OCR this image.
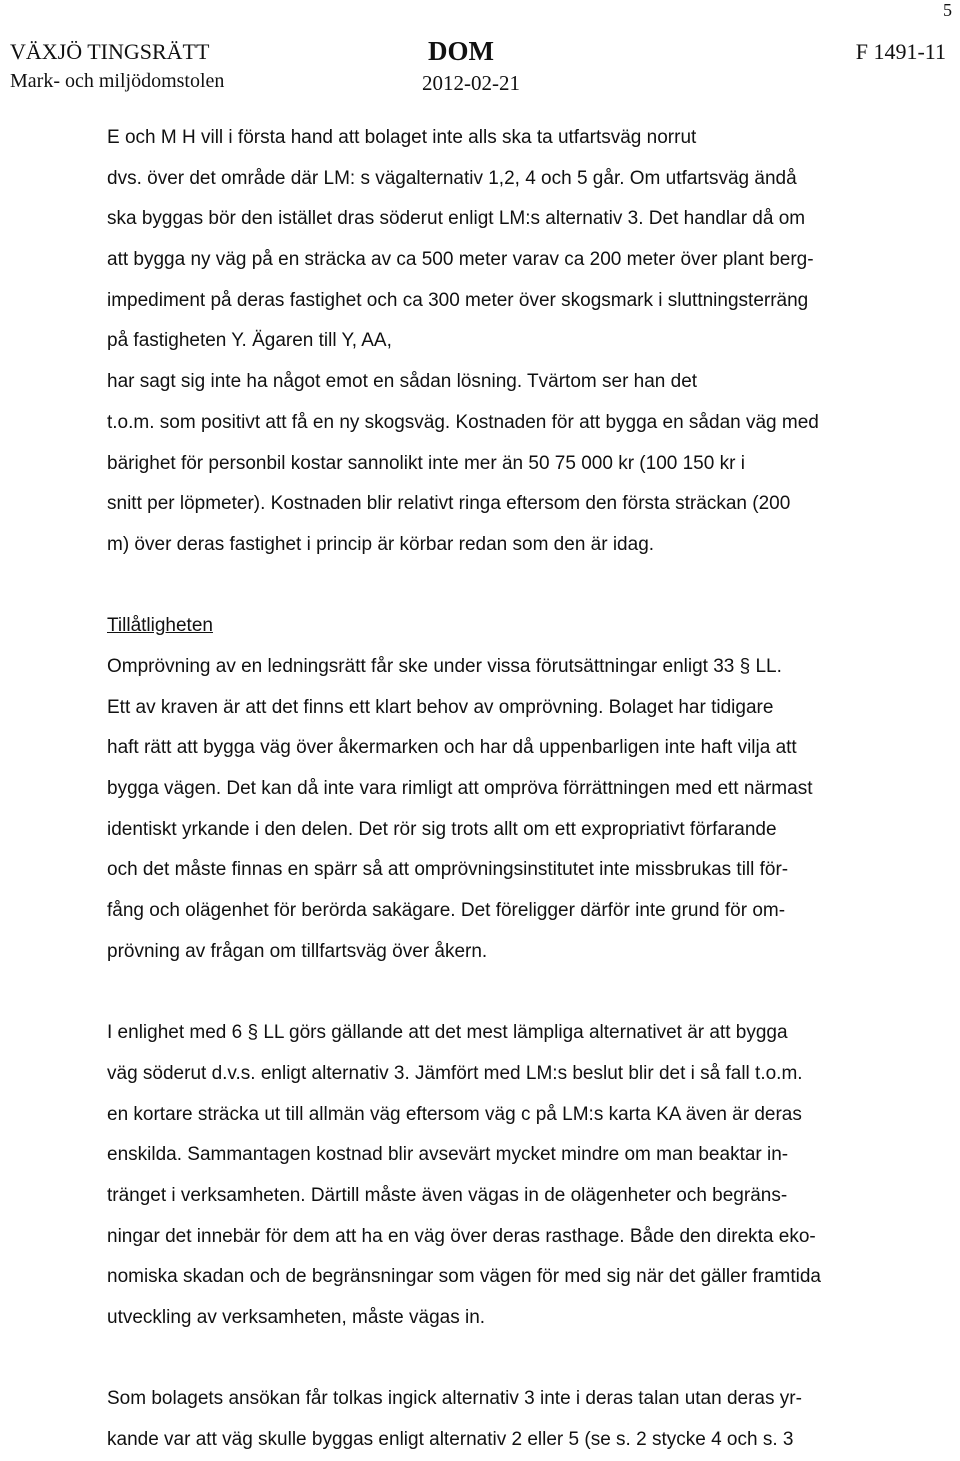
5
VÄXJÖ TINGSRÄTT
Mark- och miljödomstolen
DOM
2012-02-21
F 1491-11
E och M H vill i första hand att bolaget inte alls ska ta utfartsväg norrut
dvs. över det område där LM: s vägalternativ 1,2, 4 och 5 går. Om utfartsväg ändå
ska byggas bör den istället dras söderut enligt LM:s alternativ 3. Det handlar då om
att bygga ny väg på en sträcka av ca 500 meter varav ca 200 meter över plant berg-
impediment på deras fastighet och ca 300 meter över skogsmark i sluttningsterräng
på fastigheten Y. Ägaren till Y, AA,
har sagt sig inte ha något emot en sådan lösning. Tvärtom ser han det
t.o.m. som positivt att få en ny skogsväg. Kostnaden för att bygga en sådan väg med
bärighet för personbil kostar sannolikt inte mer än 50 75 000 kr (100 150 kr i
snitt per löpmeter). Kostnaden blir relativt ringa eftersom den första sträckan (200
m) över deras fastighet i princip är körbar redan som den är idag.
Tillåtligheten
Omprövning av en ledningsrätt får ske under vissa förutsättningar enligt 33 § LL.
Ett av kraven är att det finns ett klart behov av omprövning. Bolaget har tidigare
haft rätt att bygga väg över åkermarken och har då uppenbarligen inte haft vilja att
bygga vägen. Det kan då inte vara rimligt att ompröva förrättningen med ett närmast
identiskt yrkande i den delen. Det rör sig trots allt om ett expropriativt förfarande
och det måste finnas en spärr så att omprövningsinstitutet inte missbrukas till för-
fång och olägenhet för berörda sakägare. Det föreligger därför inte grund för om-
prövning av frågan om tillfartsväg över åkern.
I enlighet med 6 § LL görs gällande att det mest lämpliga alternativet är att bygga
väg söderut d.v.s. enligt alternativ 3. Jämfört med LM:s beslut blir det i så fall t.o.m.
en kortare sträcka ut till allmän väg eftersom väg c på LM:s karta KA även är deras
enskilda. Sammantagen kostnad blir avsevärt mycket mindre om man beaktar in-
tränget i verksamheten. Därtill måste även vägas in de olägenheter och begräns-
ningar det innebär för dem att ha en väg över deras rasthage. Både den direkta eko-
nomiska skadan och de begränsningar som vägen för med sig när det gäller framtida
utveckling av verksamheten, måste vägas in.
Som bolagets ansökan får tolkas ingick alternativ 3 inte i deras talan utan deras yr-
kande var att väg skulle byggas enligt alternativ 2 eller 5 (se s. 2 stycke 4 och s. 3
